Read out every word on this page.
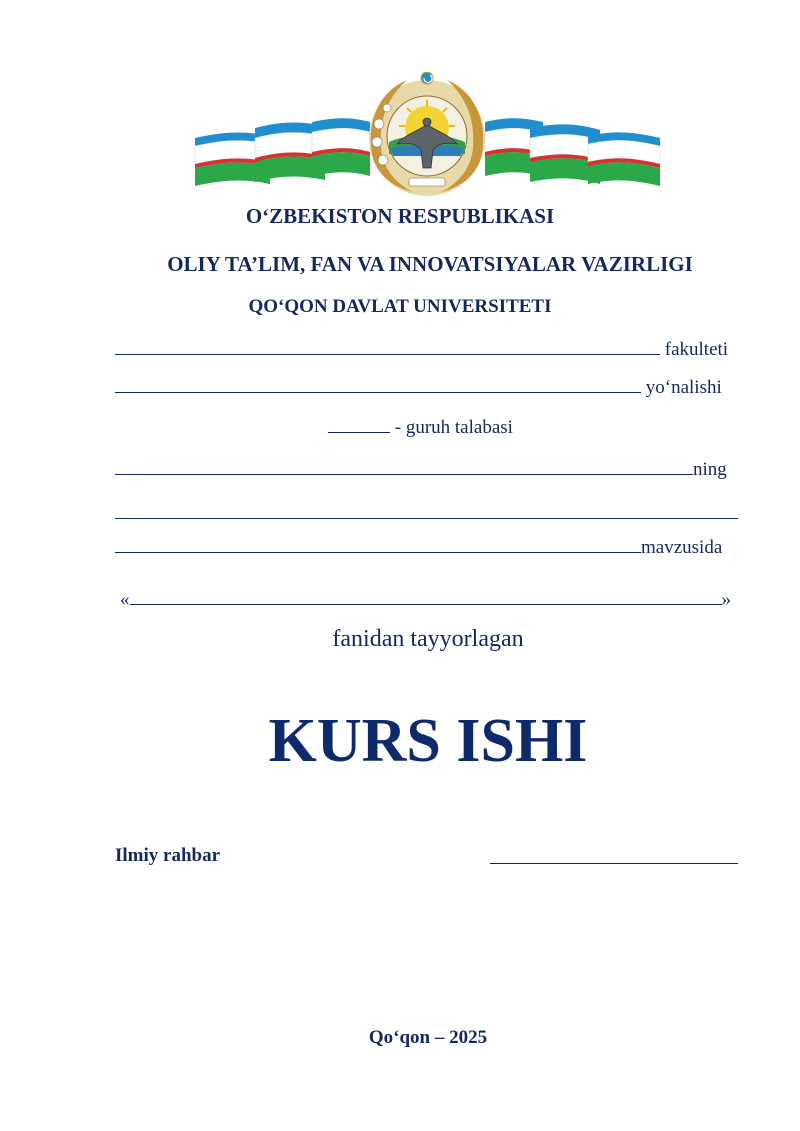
O‘ZBEKISTON RESPUBLIKASI
OLIY TA’LIM, FAN VA INNOVATSIYALAR VAZIRLIGI
QO‘QON DAVLAT UNIVERSITETI
fakulteti
yo‘nalishi
- guruh talabasi
ning
mavzusida
«	»
fanidan tayyorlagan
KURS ISHI
Ilmiy rahbar
Qo‘qon – 2025
